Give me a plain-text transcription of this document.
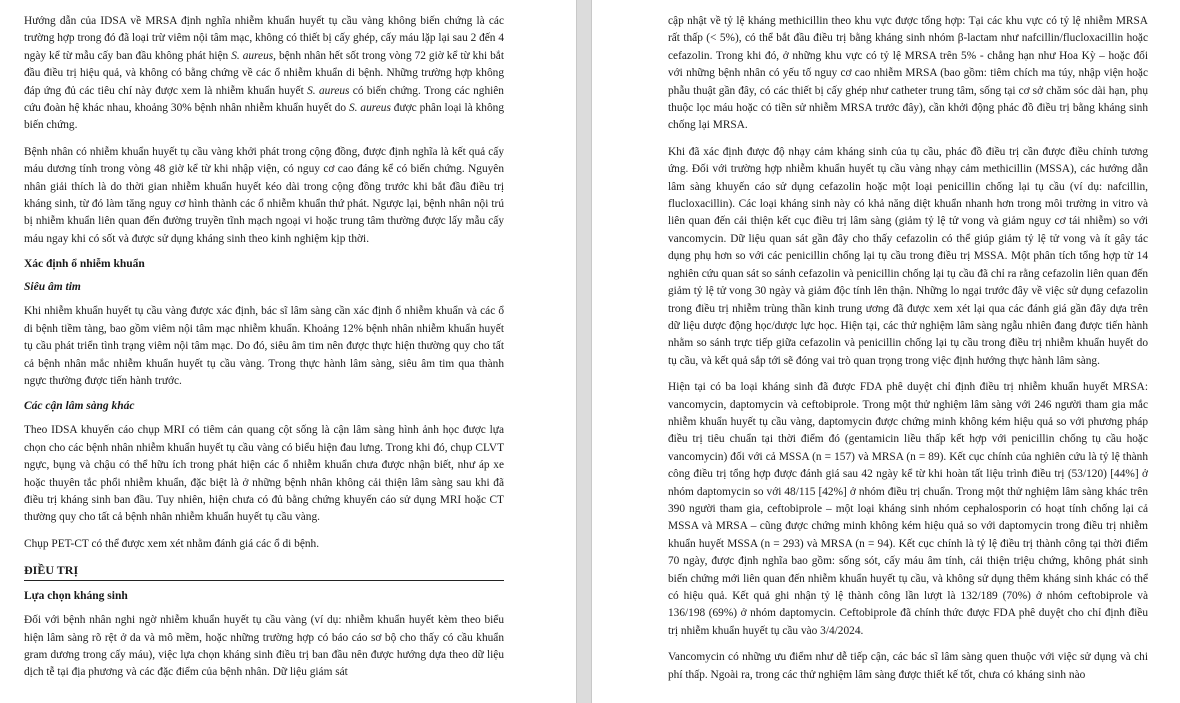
Hướng dẫn của IDSA về MRSA định nghĩa nhiễm khuẩn huyết tụ cầu vàng không biến chứng là các trường hợp trong đó đã loại trừ viêm nội tâm mạc, không có thiết bị cấy ghép, cấy máu lặp lại sau 2 đến 4 ngày kể từ mẫu cấy ban đầu không phát hiện S. aureus, bệnh nhân hết sốt trong vòng 72 giờ kể từ khi bắt đầu điều trị hiệu quả, và không có bằng chứng về các ổ nhiễm khuẩn di bệnh. Những trường hợp không đáp ứng đủ các tiêu chí này được xem là nhiễm khuẩn huyết S. aureus có biến chứng. Trong các nghiên cứu đoàn hệ khác nhau, khoảng 30% bệnh nhân nhiễm khuẩn huyết do S. aureus được phân loại là không biến chứng.

Bệnh nhân có nhiễm khuẩn huyết tụ cầu vàng khởi phát trong cộng đồng, được định nghĩa là kết quả cấy máu dương tính trong vòng 48 giờ kể từ khi nhập viện, có nguy cơ cao đáng kể có biến chứng. Nguyên nhân giải thích là do thời gian nhiễm khuẩn huyết kéo dài trong cộng đồng trước khi bắt đầu điều trị kháng sinh, từ đó làm tăng nguy cơ hình thành các ổ nhiễm khuẩn thứ phát. Ngược lại, bệnh nhân nội trú bị nhiễm khuẩn liên quan đến đường truyền tĩnh mạch ngoại vi hoặc trung tâm thường được lấy mẫu cấy máu ngay khi có sốt và được sử dụng kháng sinh theo kinh nghiệm kịp thời.

Xác định ổ nhiễm khuẩn
Siêu âm tim

Khi nhiễm khuẩn huyết tụ cầu vàng được xác định, bác sĩ lâm sàng cần xác định ổ nhiễm khuẩn và các ổ di bệnh tiềm tàng, bao gồm viêm nội tâm mạc nhiễm khuẩn. Khoảng 12% bệnh nhân nhiễm khuẩn huyết tụ cầu phát triển tình trạng viêm nội tâm mạc. Do đó, siêu âm tim nên được thực hiện thường quy cho tất cả bệnh nhân mắc nhiễm khuẩn huyết tụ cầu vàng. Trong thực hành lâm sàng, siêu âm tim qua thành ngực thường được tiến hành trước.

Các cận lâm sàng khác

Theo IDSA khuyến cáo chụp MRI có tiêm cản quang cột sống là cận lâm sàng hình ảnh học được lựa chọn cho các bệnh nhân nhiễm khuẩn huyết tụ cầu vàng có biểu hiện đau lưng. Trong khi đó, chụp CLVT ngực, bụng và chậu có thể hữu ích trong phát hiện các ổ nhiễm khuẩn chưa được nhận biết, như áp xe hoặc thuyên tắc phổi nhiễm khuẩn, đặc biệt là ở những bệnh nhân không cải thiện lâm sàng sau khi đã điều trị kháng sinh ban đầu. Tuy nhiên, hiện chưa có đủ bằng chứng khuyến cáo sử dụng MRI hoặc CT thường quy cho tất cả bệnh nhân nhiễm khuẩn huyết tụ cầu vàng.

Chụp PET-CT có thể được xem xét nhằm đánh giá các ổ di bệnh.

ĐIỀU TRỊ
Lựa chọn kháng sinh

Đối với bệnh nhân nghi ngờ nhiễm khuẩn huyết tụ cầu vàng (ví dụ: nhiễm khuẩn huyết kèm theo biểu hiện lâm sàng rõ rệt ở da và mô mềm, hoặc những trường hợp có báo cáo sơ bộ cho thấy có cầu khuẩn gram dương trong cấy máu), việc lựa chọn kháng sinh điều trị ban đầu nên được hướng dựa theo dữ liệu dịch tễ tại địa phương và các đặc điểm của bệnh nhân. Dữ liệu giám sát

cập nhật về tỷ lệ kháng methicillin theo khu vực được tổng hợp: Tại các khu vực có tỷ lệ nhiễm MRSA rất thấp (< 5%), có thể bắt đầu điều trị bằng kháng sinh nhóm β-lactam như nafcillin/flucloxacillin hoặc cefazolin. Trong khi đó, ở những khu vực có tỷ lệ MRSA trên 5% - chẳng hạn như Hoa Kỳ – hoặc đối với những bệnh nhân có yếu tố nguy cơ cao nhiễm MRSA (bao gồm: tiêm chích ma túy, nhập viện hoặc phẫu thuật gần đây, có các thiết bị cấy ghép như catheter trung tâm, sống tại cơ sở chăm sóc dài hạn, phụ thuộc lọc máu hoặc có tiền sử nhiễm MRSA trước đây), cần khởi động phác đồ điều trị bằng kháng sinh chống lại MRSA.

Khi đã xác định được độ nhạy cảm kháng sinh của tụ cầu, phác đồ điều trị cần được điều chỉnh tương ứng. Đối với trường hợp nhiễm khuẩn huyết tụ cầu vàng nhạy cảm methicillin (MSSA), các hướng dẫn lâm sàng khuyến cáo sử dụng cefazolin hoặc một loại penicillin chống lại tụ cầu (ví dụ: nafcillin, flucloxacillin). Các loại kháng sinh này có khả năng diệt khuẩn nhanh hơn trong môi trường in vitro và liên quan đến cải thiện kết cục điều trị lâm sàng (giảm tỷ lệ tử vong và giảm nguy cơ tái nhiễm) so với vancomycin. Dữ liệu quan sát gần đây cho thấy cefazolin có thể giúp giảm tỷ lệ tử vong và ít gây tác dụng phụ hơn so với các penicillin chống lại tụ cầu trong điều trị MSSA. Một phân tích tổng hợp từ 14 nghiên cứu quan sát so sánh cefazolin và penicillin chống lại tụ cầu đã chỉ ra rằng cefazolin liên quan đến giảm tỷ lệ tử vong 30 ngày và giảm độc tính lên thận. Những lo ngại trước đây về việc sử dụng cefazolin trong điều trị nhiễm trùng thần kinh trung ương đã được xem xét lại qua các đánh giá gần đây dựa trên dữ liệu dược động học/dược lực học. Hiện tại, các thử nghiệm lâm sàng ngẫu nhiên đang được tiến hành nhằm so sánh trực tiếp giữa cefazolin và penicillin chống lại tụ cầu trong điều trị nhiễm khuẩn huyết do tụ cầu, và kết quả sắp tới sẽ đóng vai trò quan trọng trong việc định hướng thực hành lâm sàng.

Hiện tại có ba loại kháng sinh đã được FDA phê duyệt chỉ định điều trị nhiễm khuẩn huyết MRSA: vancomycin, daptomycin và ceftobiprole. Trong một thử nghiệm lâm sàng với 246 người tham gia mắc nhiễm khuẩn huyết tụ cầu vàng, daptomycin được chứng minh không kém hiệu quả so với phương pháp điều trị tiêu chuẩn tại thời điểm đó (gentamicin liều thấp kết hợp với penicillin chống tụ cầu hoặc vancomycin) đối với cả MSSA (n = 157) và MRSA (n = 89). Kết cục chính của nghiên cứu là tỷ lệ thành công điều trị tổng hợp được đánh giá sau 42 ngày kể từ khi hoàn tất liệu trình điều trị (53/120) [44%] ở nhóm daptomycin so với 48/115 [42%] ở nhóm điều trị chuẩn. Trong một thử nghiệm lâm sàng khác trên 390 người tham gia, ceftobiprole – một loại kháng sinh nhóm cephalosporin có hoạt tính chống lại cả MSSA và MRSA – cũng được chứng minh không kém hiệu quả so với daptomycin trong điều trị nhiễm khuẩn huyết MSSA (n = 293) và MRSA (n = 94). Kết cục chính là tỷ lệ điều trị thành công tại thời điểm 70 ngày, được định nghĩa bao gồm: sống sót, cấy máu âm tính, cải thiện triệu chứng, không phát sinh biến chứng mới liên quan đến nhiễm khuẩn huyết tụ cầu, và không sử dụng thêm kháng sinh khác có thể có hiệu quả. Kết quả ghi nhận tỷ lệ thành công lần lượt là 132/189 (70%) ở nhóm ceftobiprole và 136/198 (69%) ở nhóm daptomycin. Ceftobiprole đã chính thức được FDA phê duyệt cho chỉ định điều trị nhiễm khuẩn huyết tụ cầu vào 3/4/2024.

Vancomycin có những ưu điểm như dễ tiếp cận, các bác sĩ lâm sàng quen thuộc với việc sử dụng và chi phí thấp. Ngoài ra, trong các thử nghiệm lâm sàng được thiết kế tốt, chưa có kháng sinh nào
